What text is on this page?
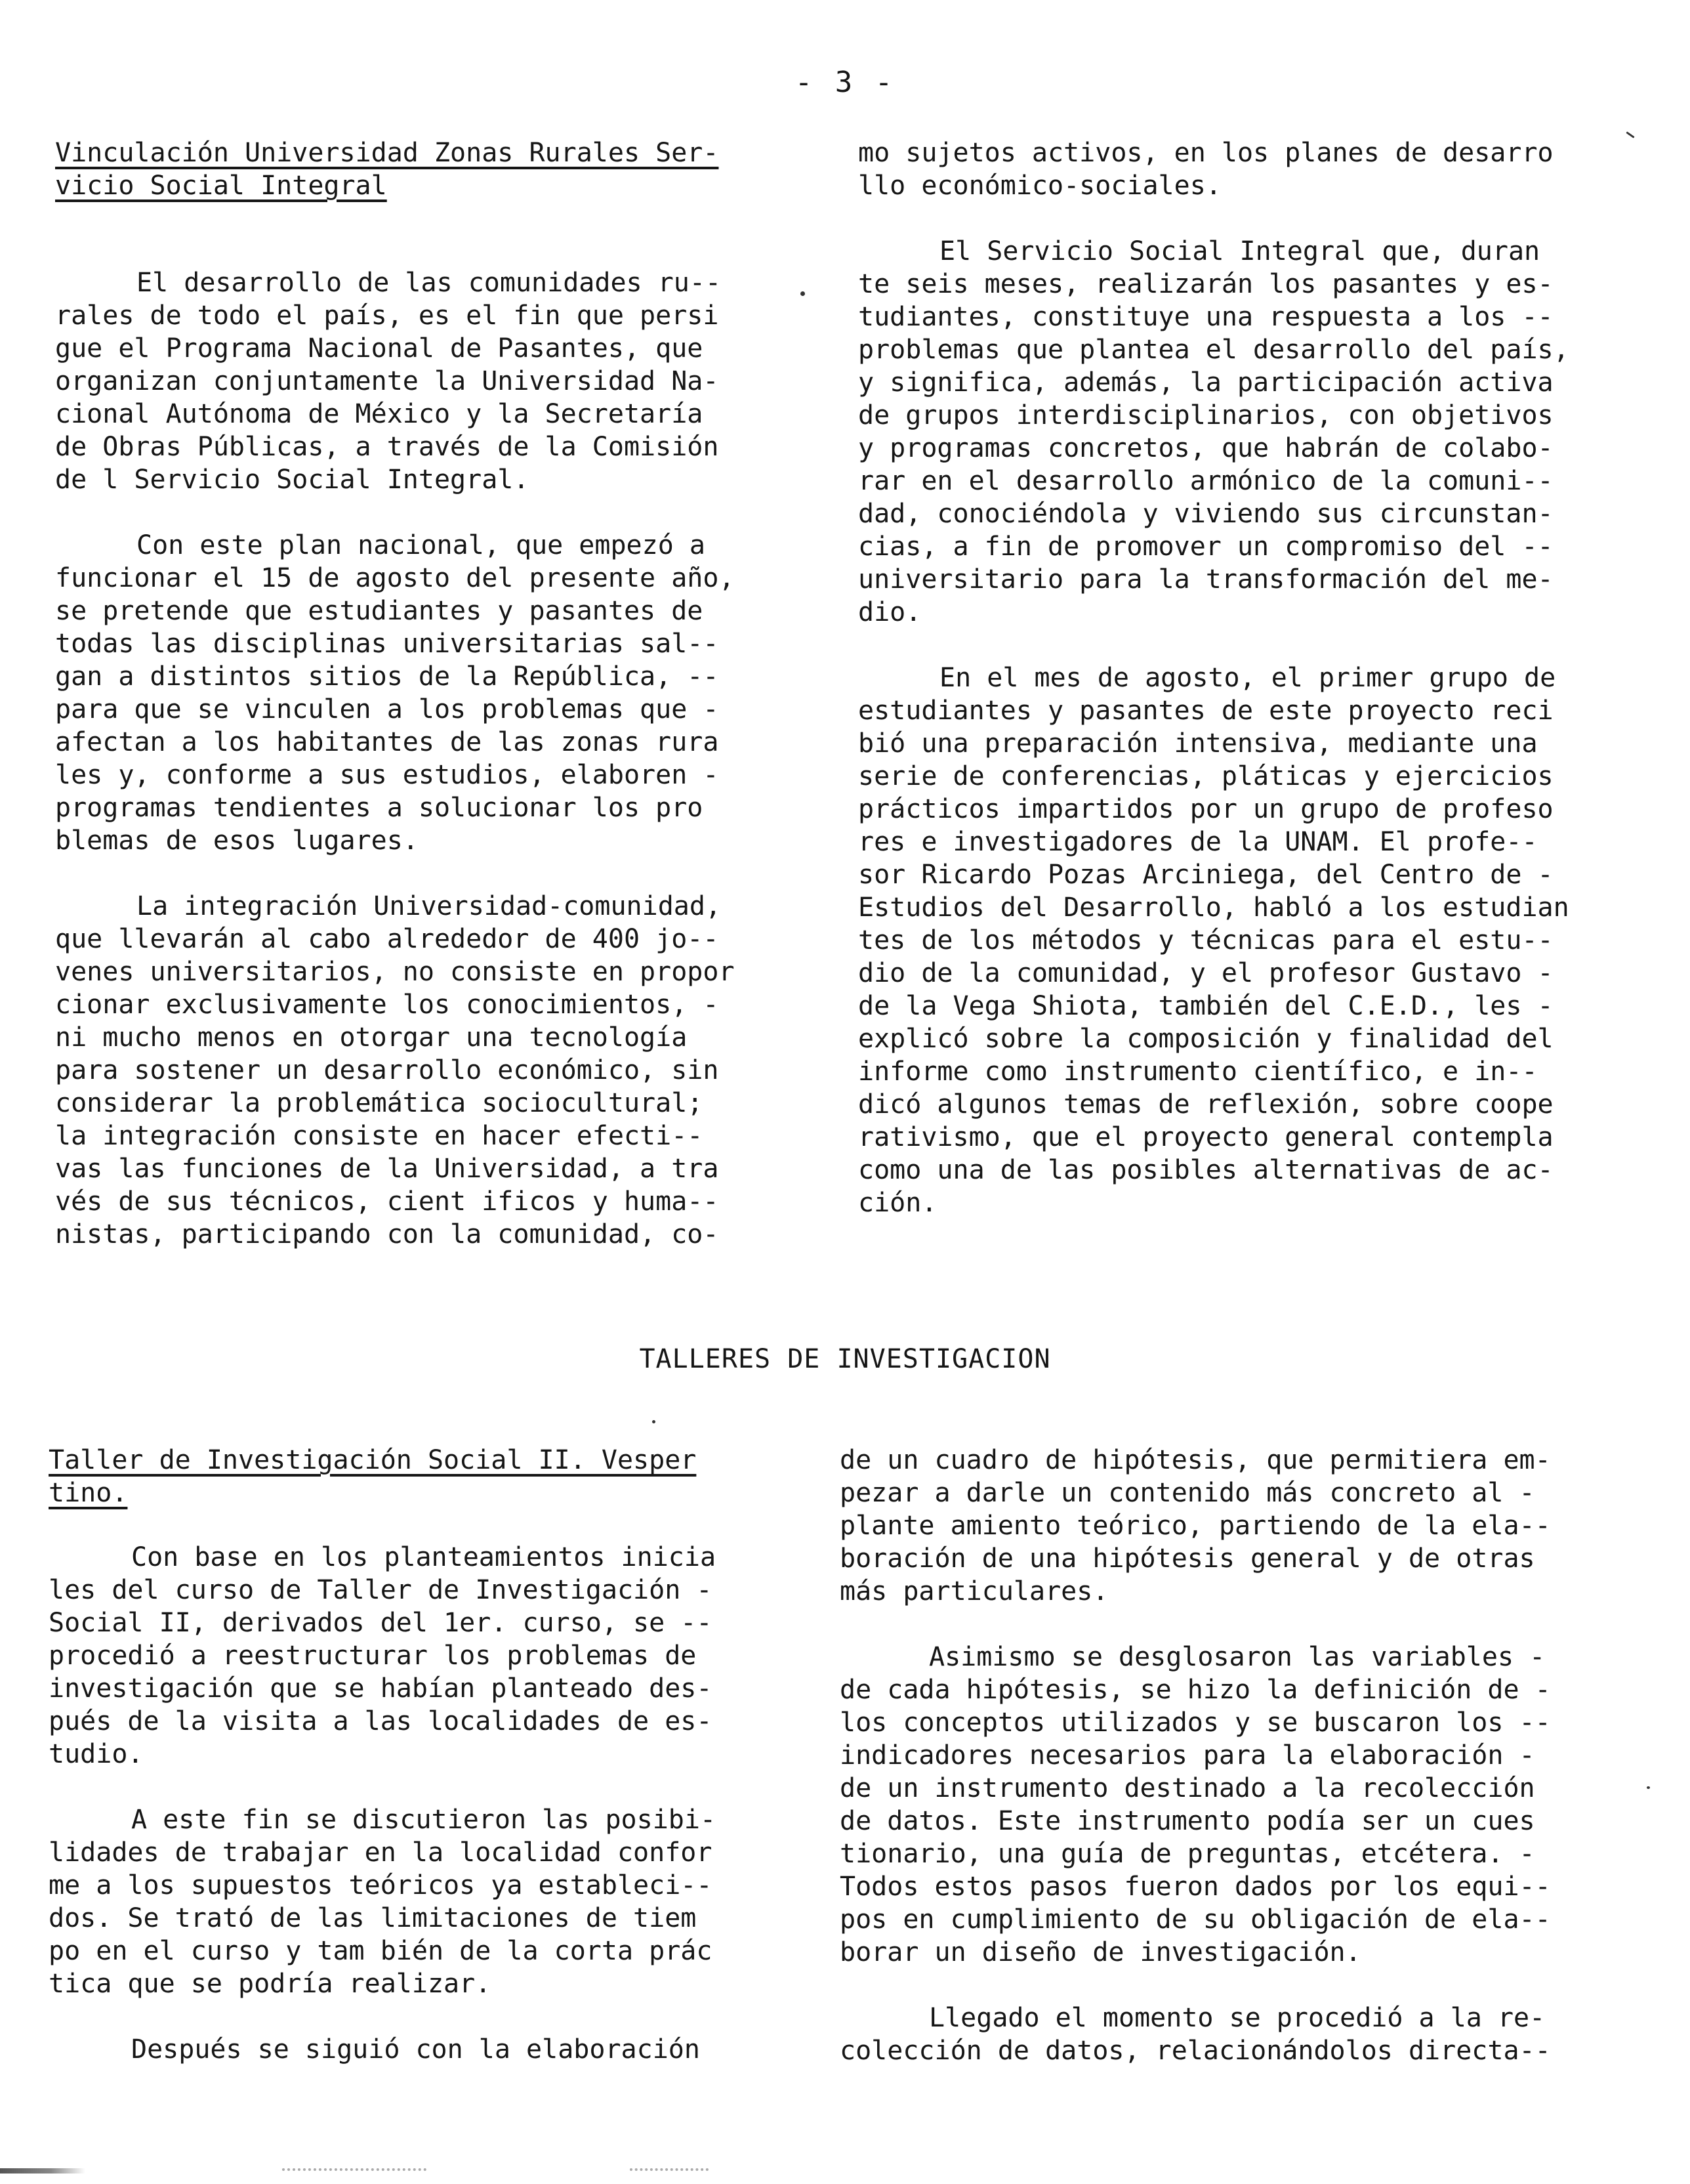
- 3 -
Vinculación Universidad Zonas Rurales Ser-
vicio Social Integral

El desarrollo de las comunidades ru--
rales de todo el país, es el fin que persi
gue el Programa Nacional de Pasantes, que
organizan conjuntamente la Universidad Na-
cional Autónoma de México y la Secretaría
de Obras Públicas, a través de la Comisión
de l Servicio Social Integral.

Con este plan nacional, que empezó a
funcionar el 15 de agosto del presente año,
se pretende que estudiantes y pasantes de
todas las disciplinas universitarias sal--
gan a distintos sitios de la República, --
para que se vinculen a los problemas que -
afectan a los habitantes de las zonas rura
les y, conforme a sus estudios, elaboren -
programas tendientes a solucionar los pro
blemas de esos lugares.

La integración Universidad-comunidad,
que llevarán al cabo alrededor de 400 jo--
venes universitarios, no consiste en propor
cionar exclusivamente los conocimientos, -
ni mucho menos en otorgar una tecnología
para sostener un desarrollo económico, sin
considerar la problemática sociocultural;
la integración consiste en hacer efecti--
vas las funciones de la Universidad, a tra
vés de sus técnicos, cient ificos y huma--
nistas, participando con la comunidad, co-

mo sujetos activos, en los planes de desarro
llo económico-sociales.

El Servicio Social Integral que, duran
te seis meses, realizarán los pasantes y es-
tudiantes, constituye una respuesta a los --
problemas que plantea el desarrollo del país,
y significa, además, la participación activa
de grupos interdisciplinarios, con objetivos
y programas concretos, que habrán de colabo-
rar en el desarrollo armónico de la comuni--
dad, conociéndola y viviendo sus circunstan-
cias, a fin de promover un compromiso del --
universitario para la transformación del me-
dio.

En el mes de agosto, el primer grupo de
estudiantes y pasantes de este proyecto reci
bió una preparación intensiva, mediante una
serie de conferencias, pláticas y ejercicios
prácticos impartidos por un grupo de profeso
res e investigadores de la UNAM. El profe--
sor Ricardo Pozas Arciniega, del Centro de -
Estudios del Desarrollo, habló a los estudian
tes de los métodos y técnicas para el estu--
dio de la comunidad, y el profesor Gustavo -
de la Vega Shiota, también del C.E.D., les -
explicó sobre la composición y finalidad del
informe como instrumento científico, e in--
dicó algunos temas de reflexión, sobre coope
rativismo, que el proyecto general contempla
como una de las posibles alternativas de ac-
ción.

TALLERES DE INVESTIGACION
Taller de Investigación Social II. Vesper
tino.

Con base en los planteamientos inicia
les del curso de Taller de Investigación -
Social II, derivados del 1er. curso, se --
procedió a reestructurar los problemas de
investigación que se habían planteado des-
pués de la visita a las localidades de es-
tudio.

A este fin se discutieron las posibi-
lidades de trabajar en la localidad confor
me a los supuestos teóricos ya estableci--
dos. Se trató de las limitaciones de tiem
po en el curso y tam bién de la corta prác
tica que se podría realizar.

Después se siguió con la elaboración

de un cuadro de hipótesis, que permitiera em-
pezar a darle un contenido más concreto al -
plante amiento teórico, partiendo de la ela--
boración de una hipótesis general y de otras
más particulares.

Asimismo se desglosaron las variables -
de cada hipótesis, se hizo la definición de -
los conceptos utilizados y se buscaron los --
indicadores necesarios para la elaboración -
de un instrumento destinado a la recolección
de datos. Este instrumento podía ser un cues
tionario, una guía de preguntas, etcétera. -
Todos estos pasos fueron dados por los equi--
pos en cumplimiento de su obligación de ela--
borar un diseño de investigación.

Llegado el momento se procedió a la re-
colección de datos, relacionándolos directa--
